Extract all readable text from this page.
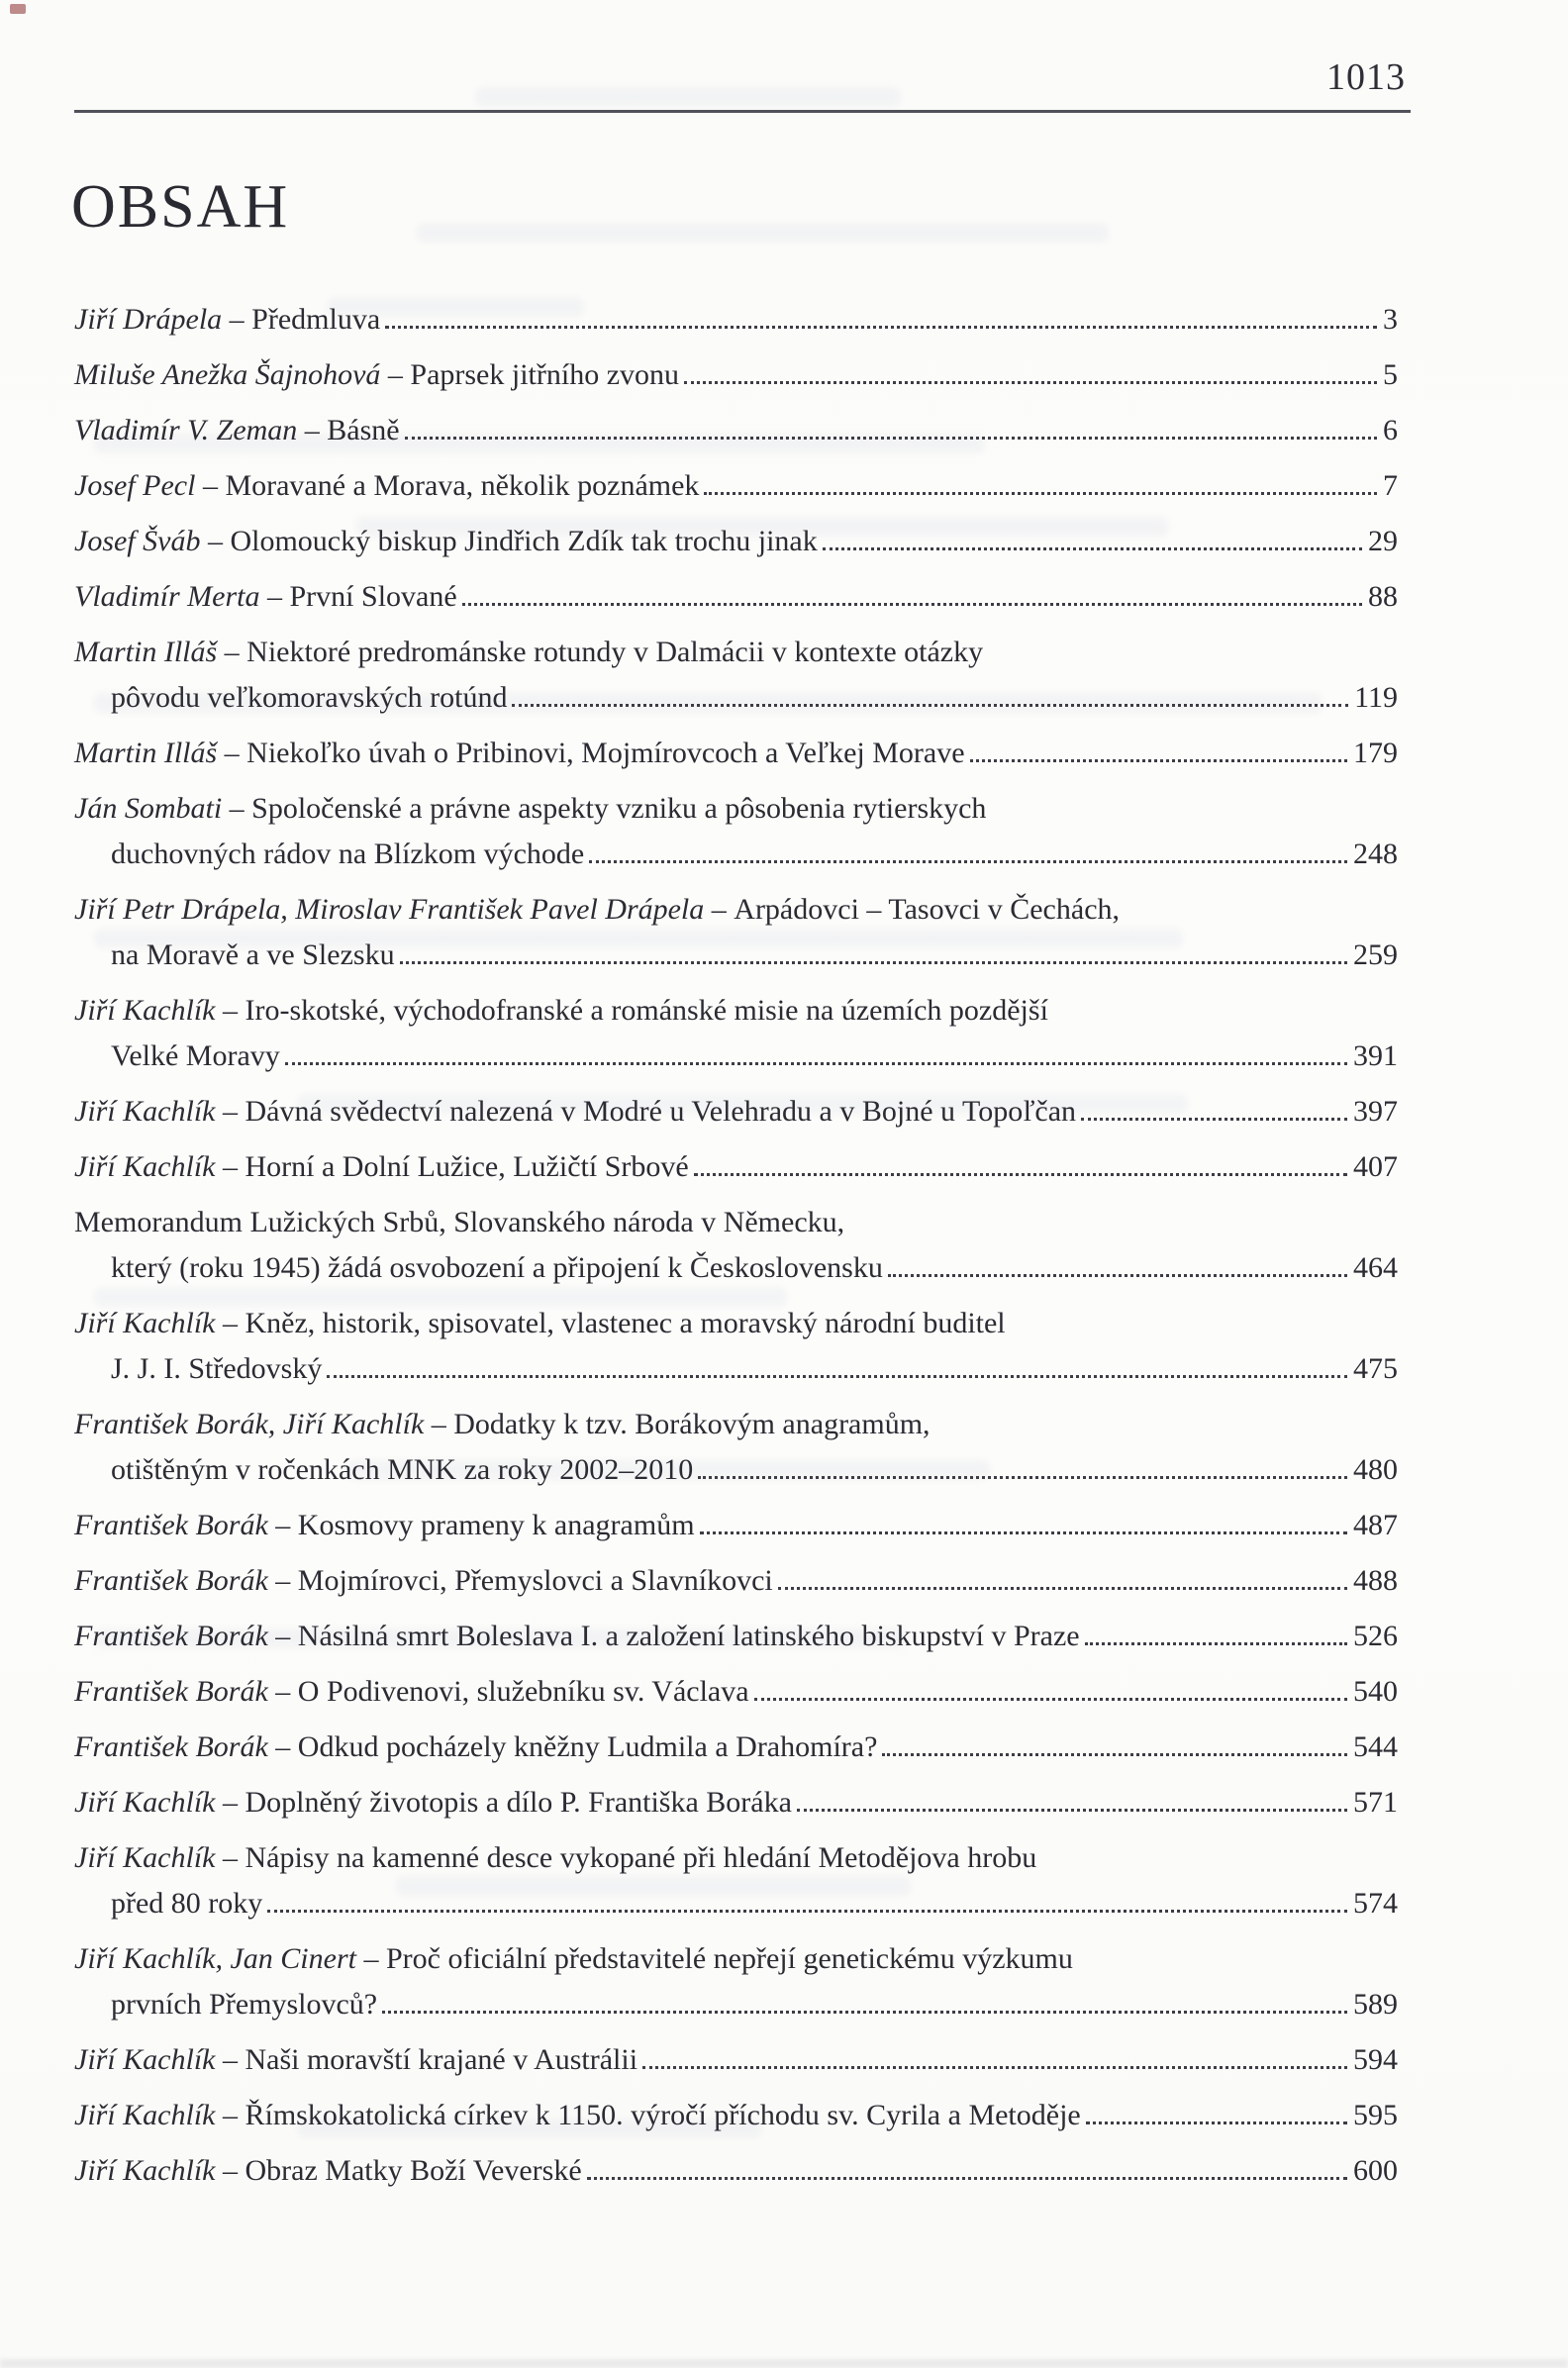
1013
OBSAH
Jiří Drápela – Předmluva	3
Miluše Anežka Šajnohová – Paprsek jitřního zvonu	5
Vladimír V. Zeman – Básně	6
Josef Pecl – Moravané a Morava, několik poznámek	7
Josef Šváb – Olomoucký biskup Jindřich Zdík tak trochu jinak	29
Vladimír Merta – První Slované	88
Martin Illáš – Niektoré predrománske rotundy v Dalmácii v kontexte otázky
pôvodu veľkomoravských rotúnd	119
Martin Illáš – Niekoľko úvah o Pribinovi, Mojmírovcoch a Veľkej Morave	179
Ján Sombati – Spoločenské a právne aspekty vzniku a pôsobenia rytierskych
duchovných rádov na Blízkom východe	248
Jiří Petr Drápela, Miroslav František Pavel Drápela – Arpádovci – Tasovci v Čechách,
na Moravě a ve Slezsku	259
Jiří Kachlík – Iro-skotské, východofranské a románské misie na územích pozdější
Velké Moravy	391
Jiří Kachlík – Dávná svědectví nalezená v Modré u Velehradu a v Bojné u Topoľčan	397
Jiří Kachlík – Horní a Dolní Lužice, Lužičtí Srbové	407
Memorandum Lužických Srbů, Slovanského národa v Německu,
který (roku 1945) žádá osvobození a připojení k Československu	464
Jiří Kachlík – Kněz, historik, spisovatel, vlastenec a moravský národní buditel
J. J. I. Středovský	475
František Borák, Jiří Kachlík – Dodatky k tzv. Borákovým anagramům,
otištěným v ročenkách MNK za roky 2002–2010	480
František Borák – Kosmovy prameny k anagramům	487
František Borák – Mojmírovci, Přemyslovci a Slavníkovci	488
František Borák – Násilná smrt Boleslava I. a založení latinského biskupství v Praze	526
František Borák – O Podivenovi, služebníku sv. Václava	540
František Borák – Odkud pocházely kněžny Ludmila a Drahomíra?	544
Jiří Kachlík – Doplněný životopis a dílo P. Františka Boráka	571
Jiří Kachlík – Nápisy na kamenné desce vykopané při hledání Metodějova hrobu
před 80 roky	574
Jiří Kachlík, Jan Cinert – Proč oficiální představitelé nepřejí genetickému výzkumu
prvních Přemyslovců?	589
Jiří Kachlík – Naši moravští krajané v Austrálii	594
Jiří Kachlík – Římskokatolická církev k 1150. výročí příchodu sv. Cyrila a Metoděje	595
Jiří Kachlík – Obraz Matky Boží Veverské	600
